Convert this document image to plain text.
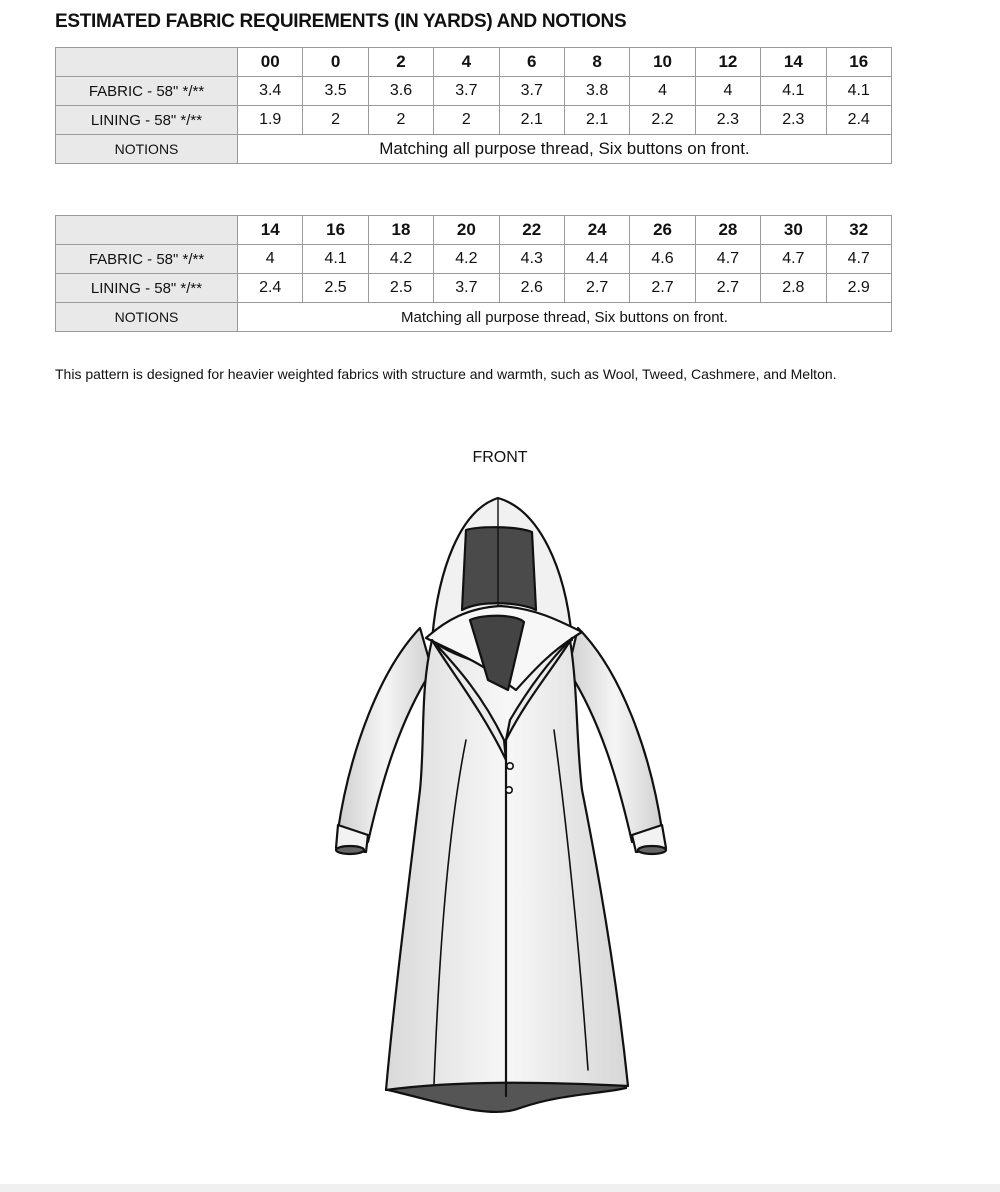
ESTIMATED FABRIC REQUIREMENTS (IN YARDS) AND NOTIONS
	00	0	2	4	6	8	10	12	14	16
FABRIC - 58" */**	3.4	3.5	3.6	3.7	3.7	3.8	4	4	4.1	4.1
LINING - 58" */**	1.9	2	2	2	2.1	2.1	2.2	2.3	2.3	2.4
NOTIONS	Matching all purpose thread, Six buttons on front.									
	14	16	18	20	22	24	26	28	30	32
FABRIC - 58" */**	4	4.1	4.2	4.2	4.3	4.4	4.6	4.7	4.7	4.7
LINING - 58" */**	2.4	2.5	2.5	3.7	2.6	2.7	2.7	2.7	2.8	2.9
NOTIONS	Matching all purpose thread, Six buttons on front.									

This pattern is designed for heavier weighted fabrics with structure and warmth, such as Wool, Tweed, Cashmere, and Melton.

FRONT
